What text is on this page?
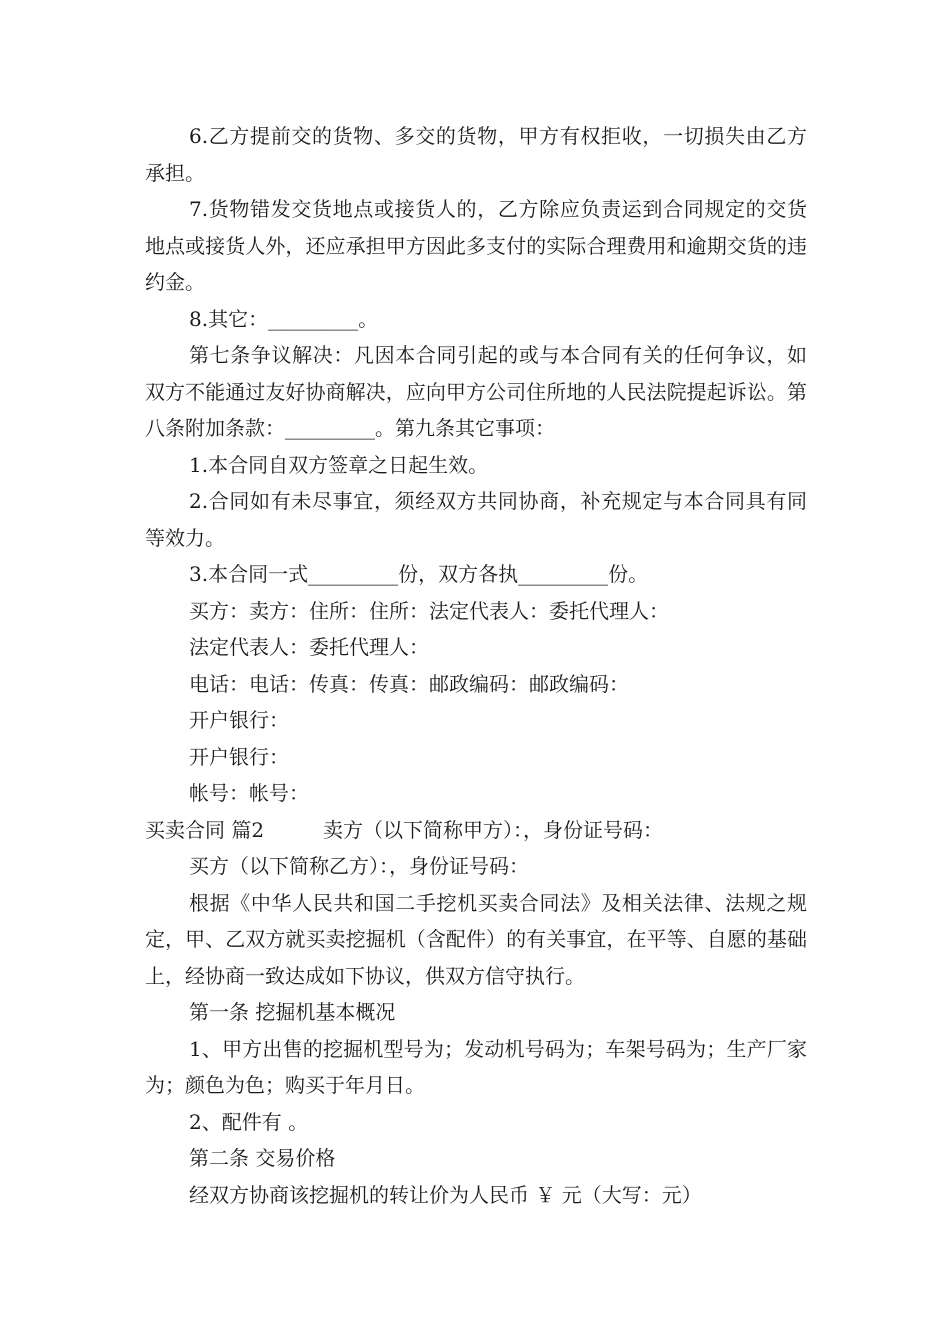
6.乙方提前交的货物、多交的货物，甲方有权拒收，一切损失由乙方承担。

7.货物错发交货地点或接货人的，乙方除应负责运到合同规定的交货地点或接货人外，还应承担甲方因此多支付的实际合理费用和逾期交货的违约金。

8.其它：_________。

第七条争议解决：凡因本合同引起的或与本合同有关的任何争议，如双方不能通过友好协商解决，应向甲方公司住所地的人民法院提起诉讼。第八条附加条款：_________。第九条其它事项：

1.本合同自双方签章之日起生效。

2.合同如有未尽事宜，须经双方共同协商，补充规定与本合同具有同等效力。

3.本合同一式_________份，双方各执_________份。

买方：卖方：住所：住所：法定代表人：委托代理人：

法定代表人：委托代理人：

电话：电话：传真：传真：邮政编码：邮政编码：

开户银行：

开户银行：

帐号：帐号：

买卖合同 篇2	卖方（以下简称甲方）：，身份证号码：

买方（以下简称乙方）：，身份证号码：

根据《中华人民共和国二手挖机买卖合同法》及相关法律、法规之规定，甲、乙双方就买卖挖掘机（含配件）的有关事宜，在平等、自愿的基础上，经协商一致达成如下协议，供双方信守执行。

第一条 挖掘机基本概况

1、甲方出售的挖掘机型号为；发动机号码为；车架号码为；生产厂家为；颜色为色；购买于年月日。

2、配件有 。

第二条 交易价格

经双方协商该挖掘机的转让价为人民币 ￥ 元（大写：元）
